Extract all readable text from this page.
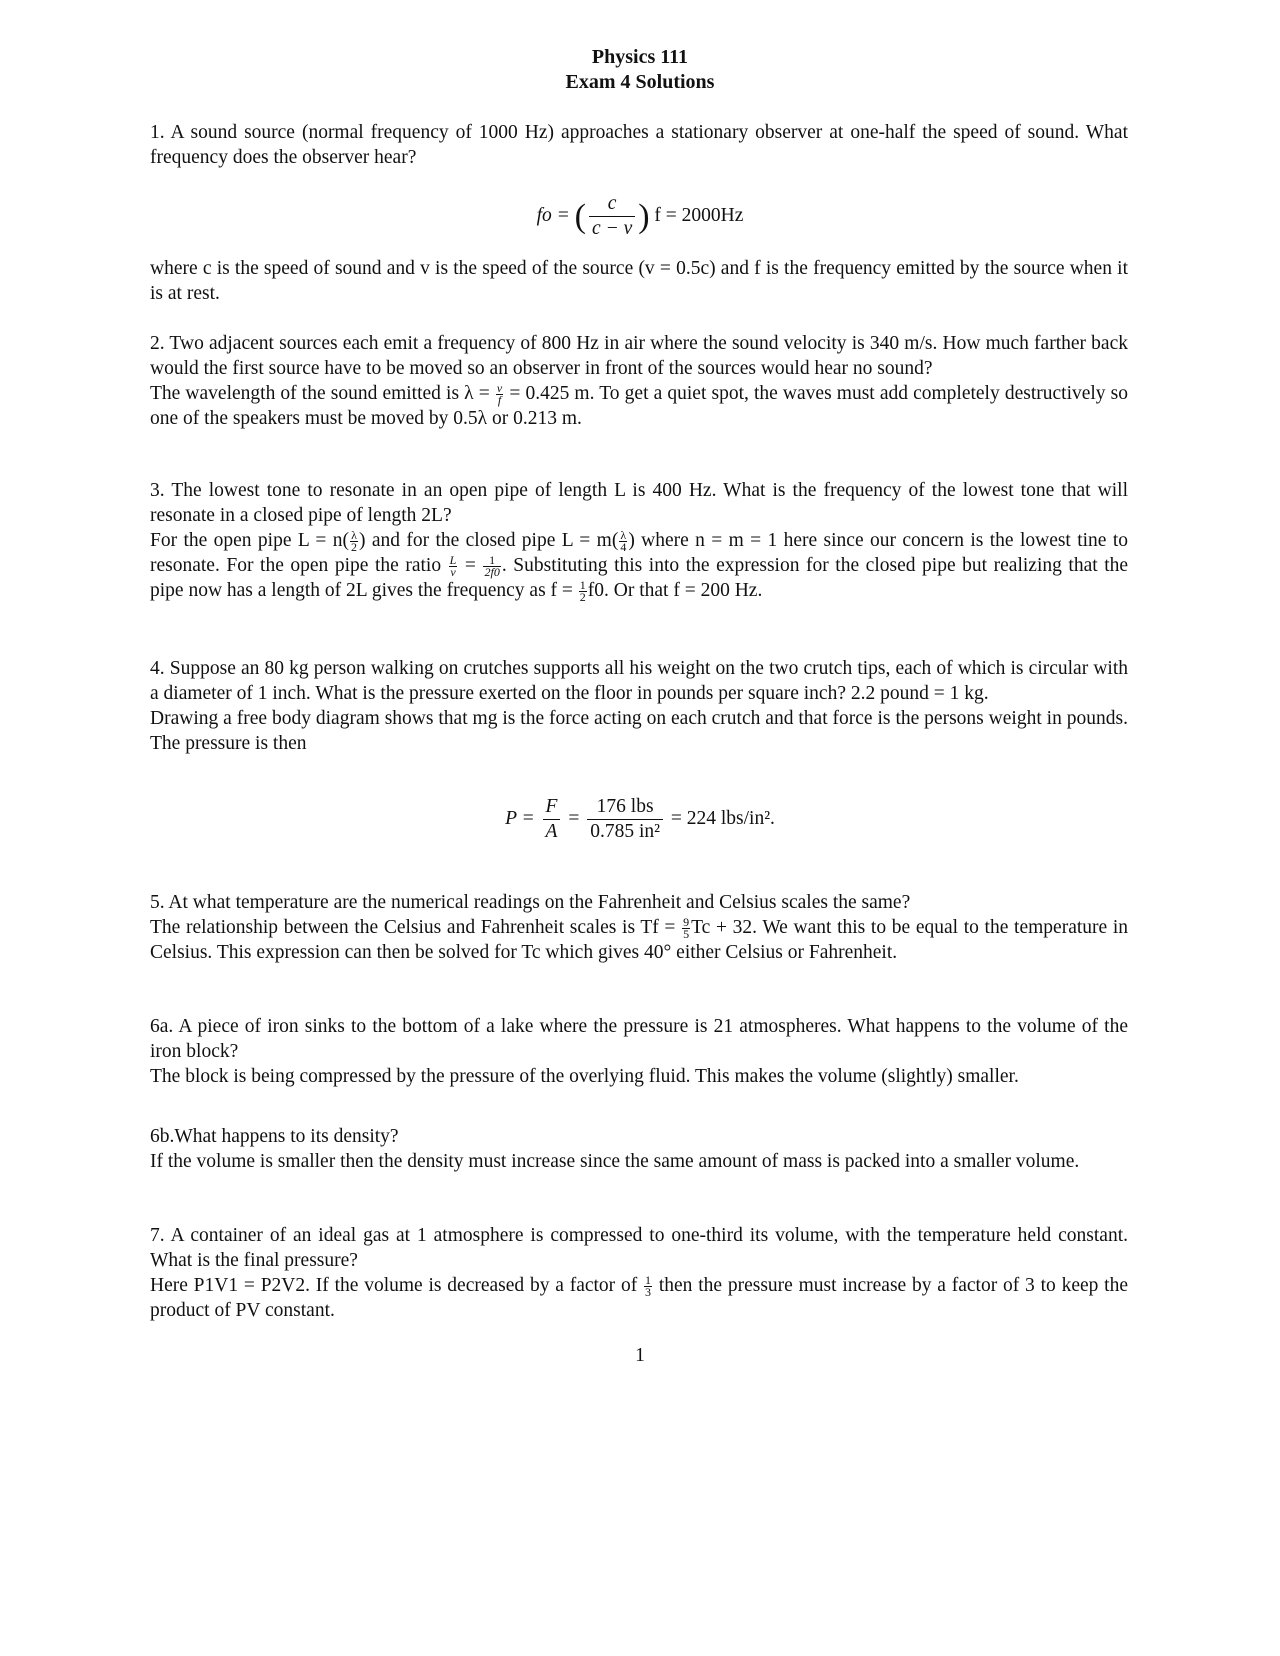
Physics 111
Exam 4 Solutions

1. A sound source (normal frequency of 1000 Hz) approaches a stationary observer at one-half the speed of sound. What frequency does the observer hear?

fo = ( $\frac{c}{c - v}$ ) f = 2000Hz

where c is the speed of sound and v is the speed of the source (v = 0.5c) and f is the frequency emitted by the source when it is at rest.

2. Two adjacent sources each emit a frequency of 800 Hz in air where the sound velocity is 340 m/s. How much farther back would the first source have to be moved so an observer in front of the sources would hear no sound?

The wavelength of the sound emitted is $\lambda = \frac{v}{f} = 0.425$ m. To get a quiet spot, the waves must add completely destructively so one of the speakers must be moved by 0.5λ or 0.213 m.

3. The lowest tone to resonate in an open pipe of length L is 400 Hz. What is the frequency of the lowest tone that will resonate in a closed pipe of length 2L?

For the open pipe $L = n( \frac{\lambda}{2}$ ) and for the closed pipe $L = m( \frac{\lambda}{4}$ ) where n = m = 1 here since our concern is the lowest tine to resonate. For the open pipe the ratio $\frac{L}{v} = \frac{1}{2f0}$ . Substituting this into the expression for the closed pipe but realizing that the pipe now has a length of 2L gives the frequency as $f = \frac{1}{2} f0$. Or that f = 200 Hz.

4. Suppose an 80 kg person walking on crutches supports all his weight on the two crutch tips, each of which is circular with a diameter of 1 inch. What is the pressure exerted on the floor in pounds per square inch? 2.2 pound = 1 kg.

Drawing a free body diagram shows that mg is the force acting on each crutch and that force is the persons weight in pounds. The pressure is then

$P = \frac{F}{A} = \frac{\text{176 lbs}}{\text{0.785 in²}} = 224$ lbs/in².

5. At what temperature are the numerical readings on the Fahrenheit and Celsius scales the same?

The relationship between the Celsius and Fahrenheit scales is $Tf = \frac{9}{5}$ Tc + 32. We want this to be equal to the temperature in Celsius. This expression can then be solved for Tc which gives 40° either Celsius or Fahrenheit.

6a. A piece of iron sinks to the bottom of a lake where the pressure is 21 atmospheres. What happens to the volume of the iron block?

The block is being compressed by the pressure of the overlying fluid. This makes the volume (slightly) smaller.

6b.What happens to its density?

If the volume is smaller then the density must increase since the same amount of mass is packed into a smaller volume.

7. A container of an ideal gas at 1 atmosphere is compressed to one-third its volume, with the temperature held constant. What is the final pressure?

Here P1V1 = P2V2. If the volume is decreased by a factor of $\frac{1}{3}$ then the pressure must increase by a factor of 3 to keep the product of PV constant.

1
